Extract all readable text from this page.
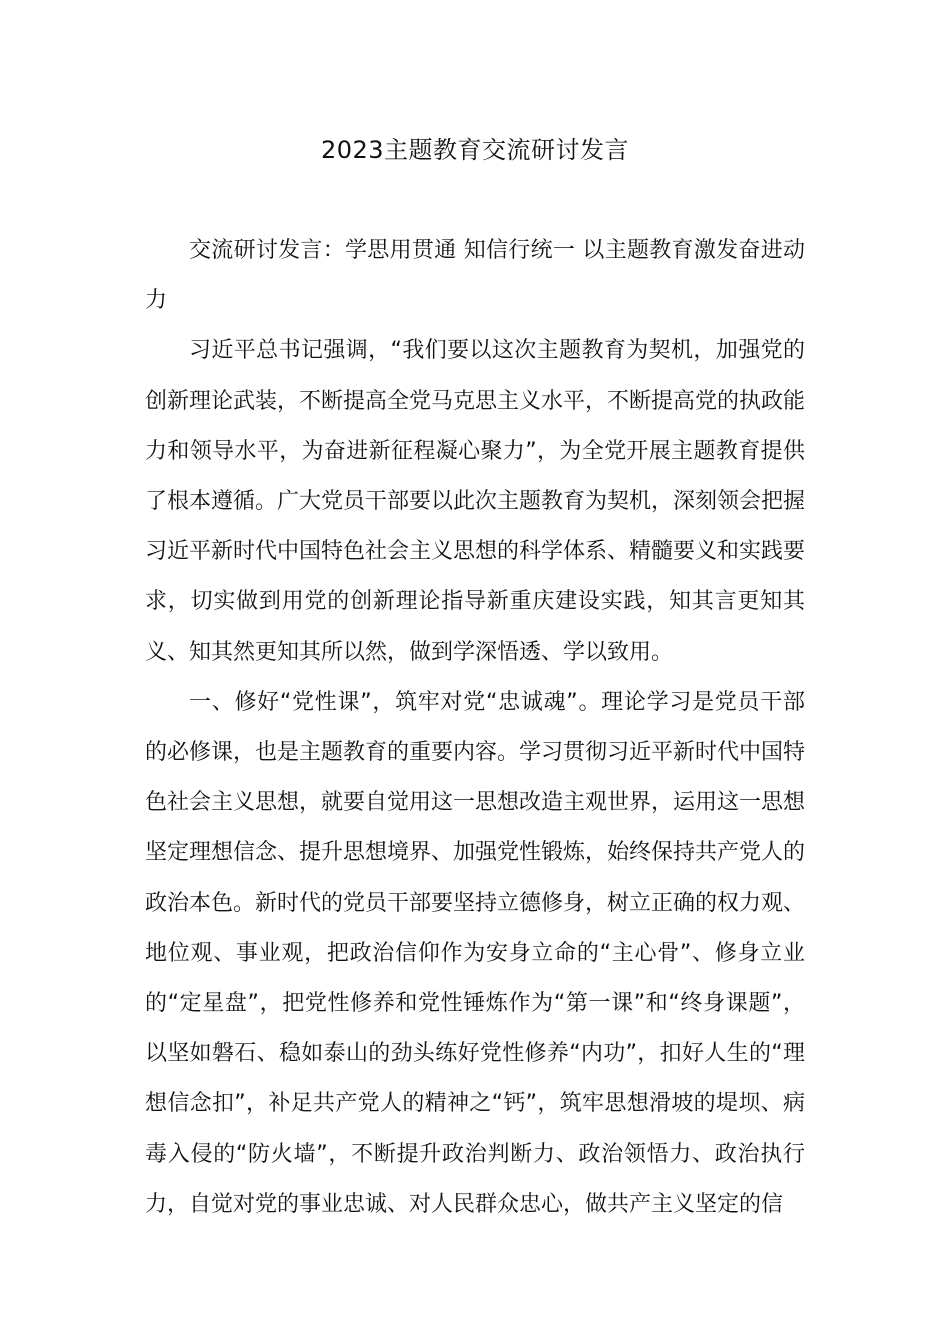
2023主题教育交流研讨发言

交流研讨发言：学思用贯通 知信行统一 以主题教育激发奋进动力

习近平总书记强调，“我们要以这次主题教育为契机，加强党的创新理论武装，不断提高全党马克思主义水平，不断提高党的执政能力和领导水平，为奋进新征程凝心聚力”，为全党开展主题教育提供了根本遵循。广大党员干部要以此次主题教育为契机，深刻领会把握习近平新时代中国特色社会主义思想的科学体系、精髓要义和实践要求，切实做到用党的创新理论指导新重庆建设实践，知其言更知其义、知其然更知其所以然，做到学深悟透、学以致用。

一、修好“党性课”，筑牢对党“忠诚魂”。理论学习是党员干部的必修课，也是主题教育的重要内容。学习贯彻习近平新时代中国特色社会主义思想，就要自觉用这一思想改造主观世界，运用这一思想坚定理想信念、提升思想境界、加强党性锻炼，始终保持共产党人的政治本色。新时代的党员干部要坚持立德修身，树立正确的权力观、地位观、事业观，把政治信仰作为安身立命的“主心骨”、修身立业的“定星盘”，把党性修养和党性锤炼作为“第一课”和“终身课题”，以坚如磐石、稳如泰山的劲头练好党性修养“内功”，扣好人生的“理想信念扣”，补足共产党人的精神之“钙”，筑牢思想滑坡的堤坝、病毒入侵的“防火墙”，不断提升政治判断力、政治领悟力、政治执行力，自觉对党的事业忠诚、对人民群众忠心，做共产主义坚定的信
